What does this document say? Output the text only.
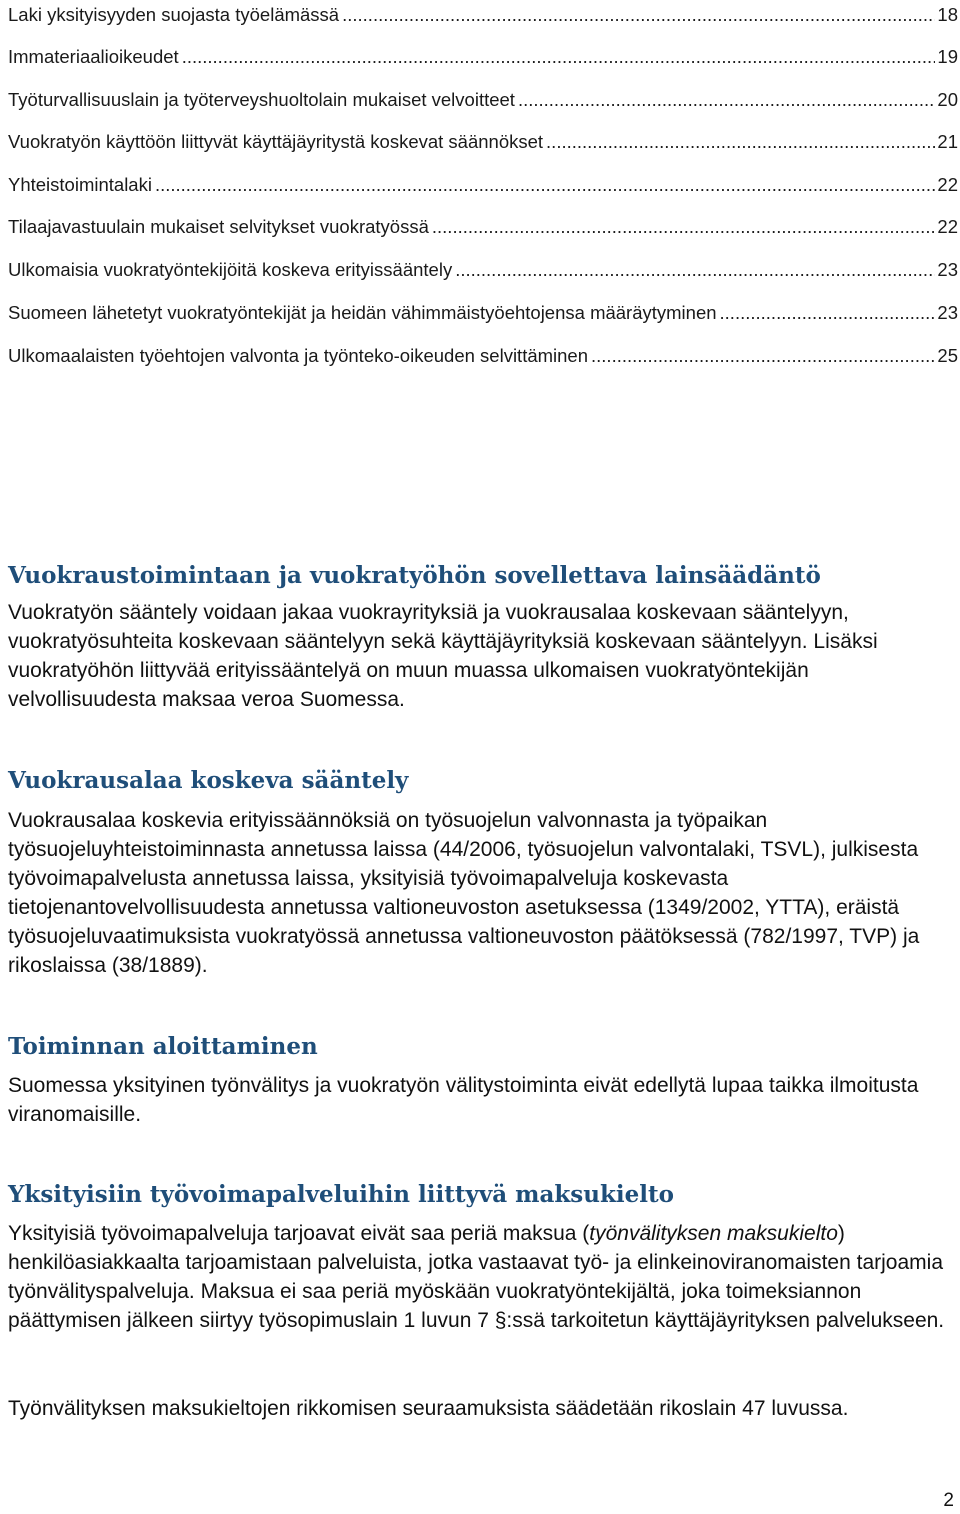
Laki yksityisyyden suojasta työelämässä .....	18
Immateriaalioikeudet .....	19
Työturvallisuuslain ja työterveyshuoltolain mukaiset velvoitteet .....	20
Vuokratyön käyttöön liittyvät käyttäjäyritystä koskevat säännökset .....	21
Yhteistoimintalaki .....	22
Tilaajavastuulain mukaiset selvitykset vuokratyössä .....	22
Ulkomaisia vuokratyöntekijöitä koskeva erityissääntely .....	23
Suomeen lähetetyt vuokratyöntekijät ja heidän vähimmäistyöehtojensa määräytyminen .....	23
Ulkomaalaisten työehtojen valvonta ja työnteko-oikeuden selvittäminen .....	25
Vuokraustoimintaan ja vuokratyöhön sovellettava lainsäädäntö

Vuokratyön sääntely voidaan jakaa vuokrayrityksiä ja vuokrausalaa koskevaan sääntelyyn, vuokratyösuhteita koskevaan sääntelyyn sekä käyttäjäyrityksiä koskevaan sääntelyyn. Lisäksi vuokratyöhön liittyvää erityissääntelyä on muun muassa ulkomaisen vuokratyöntekijän velvollisuudesta maksaa veroa Suomessa.

Vuokrausalaa koskeva sääntely

Vuokrausalaa koskevia erityissäännöksiä on työsuojelun valvonnasta ja työpaikan työsuojeluyhteistoiminnasta annetussa laissa (44/2006, työsuojelun valvontalaki, TSVL), julkisesta työvoimapalvelusta annetussa laissa, yksityisiä työvoimapalveluja koskevasta tietojenantovelvollisuudesta annetussa valtioneuvoston asetuksessa (1349/2002, YTTA), eräistä työsuojeluvaatimuksista vuokratyössä annetussa valtioneuvoston päätöksessä (782/1997, TVP) ja rikoslaissa (38/1889).

Toiminnan aloittaminen

Suomessa yksityinen työnvälitys ja vuokratyön välitystoiminta eivät edellytä lupaa taikka ilmoitusta viranomaisille.

Yksityisiin työvoimapalveluihin liittyvä maksukielto

Yksityisiä työvoimapalveluja tarjoavat eivät saa periä maksua (työnvälityksen maksukielto) henkilöasiakkaalta tarjoamistaan palveluista, jotka vastaavat työ- ja elinkeinoviranomaisten tarjoamia työnvälityspalveluja. Maksua ei saa periä myöskään vuokratyöntekijältä, joka toimeksiannon päättymisen jälkeen siirtyy työsopimuslain 1 luvun 7 §:ssä tarkoitetun käyttäjäyrityksen palvelukseen.

Työnvälityksen maksukieltojen rikkomisen seuraamuksista säädetään rikoslain 47 luvussa.

2
